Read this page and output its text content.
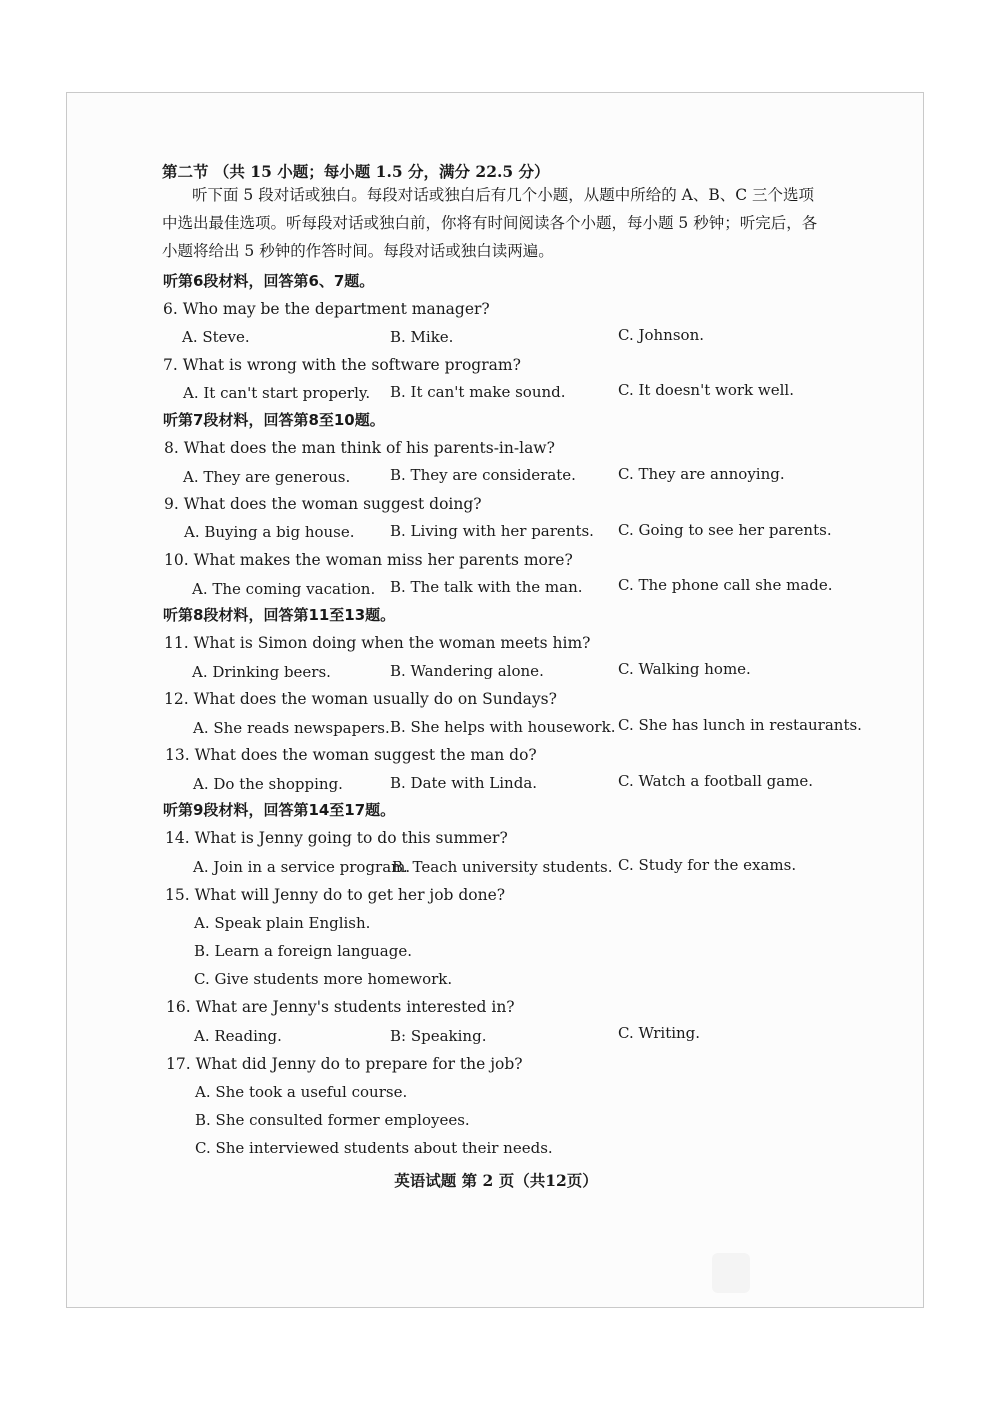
第二节 （共 15 小题；每小题 1.5 分，满分 22.5 分）
听下面 5 段对话或独白。每段对话或独白后有几个小题，从题中所给的 A、B、C 三个选项
中选出最佳选项。听每段对话或独白前，你将有时间阅读各个小题，每小题 5 秒钟；听完后，各
小题将给出 5 秒钟的作答时间。每段对话或独白读两遍。
听第6段材料，回答第6、7题。
6. Who may be the department manager?
A. Steve.	B. Mike.	C. Johnson.
7. What is wrong with the software program?
A. It can't start properly. B. It can't make sound.	C. It doesn't work well.
听第7段材料，回答第8至10题。
8. What does the man think of his parents-in-law?
A. They are generous.	B. They are considerate.	C. They are annoying.
9. What does the woman suggest doing?
A. Buying a big house. B. Living with her parents. C. Going to see her parents.
10. What makes the woman miss her parents more?
A. The coming vacation. B. The talk with the man. C. The phone call she made.
听第8段材料，回答第11至13题。
11. What is Simon doing when the woman meets him?
A. Drinking beers.	B. Wandering alone.	C. Walking home.
12. What does the woman usually do on Sundays?
A. She reads newspapers. B. She helps with housework. C. She has lunch in restaurants.
13. What does the woman suggest the man do?
A. Do the shopping.	B. Date with Linda.	C. Watch a football game.
听第9段材料，回答第14至17题。
14. What is Jenny going to do this summer?
A. Join in a service program.
B. Teach university students. C. Study for the exams.
15. What will Jenny do to get her job done?
A. Speak plain English.
B. Learn a foreign language.
C. Give students more homework.
16. What are Jenny's students interested in?
A. Reading.	B: Speaking.	C. Writing.
17. What did Jenny do to prepare for the job?
A. She took a useful course.
B. She consulted former employees.
C. She interviewed students about their needs.
英语试题 第 2 页（共12页）
